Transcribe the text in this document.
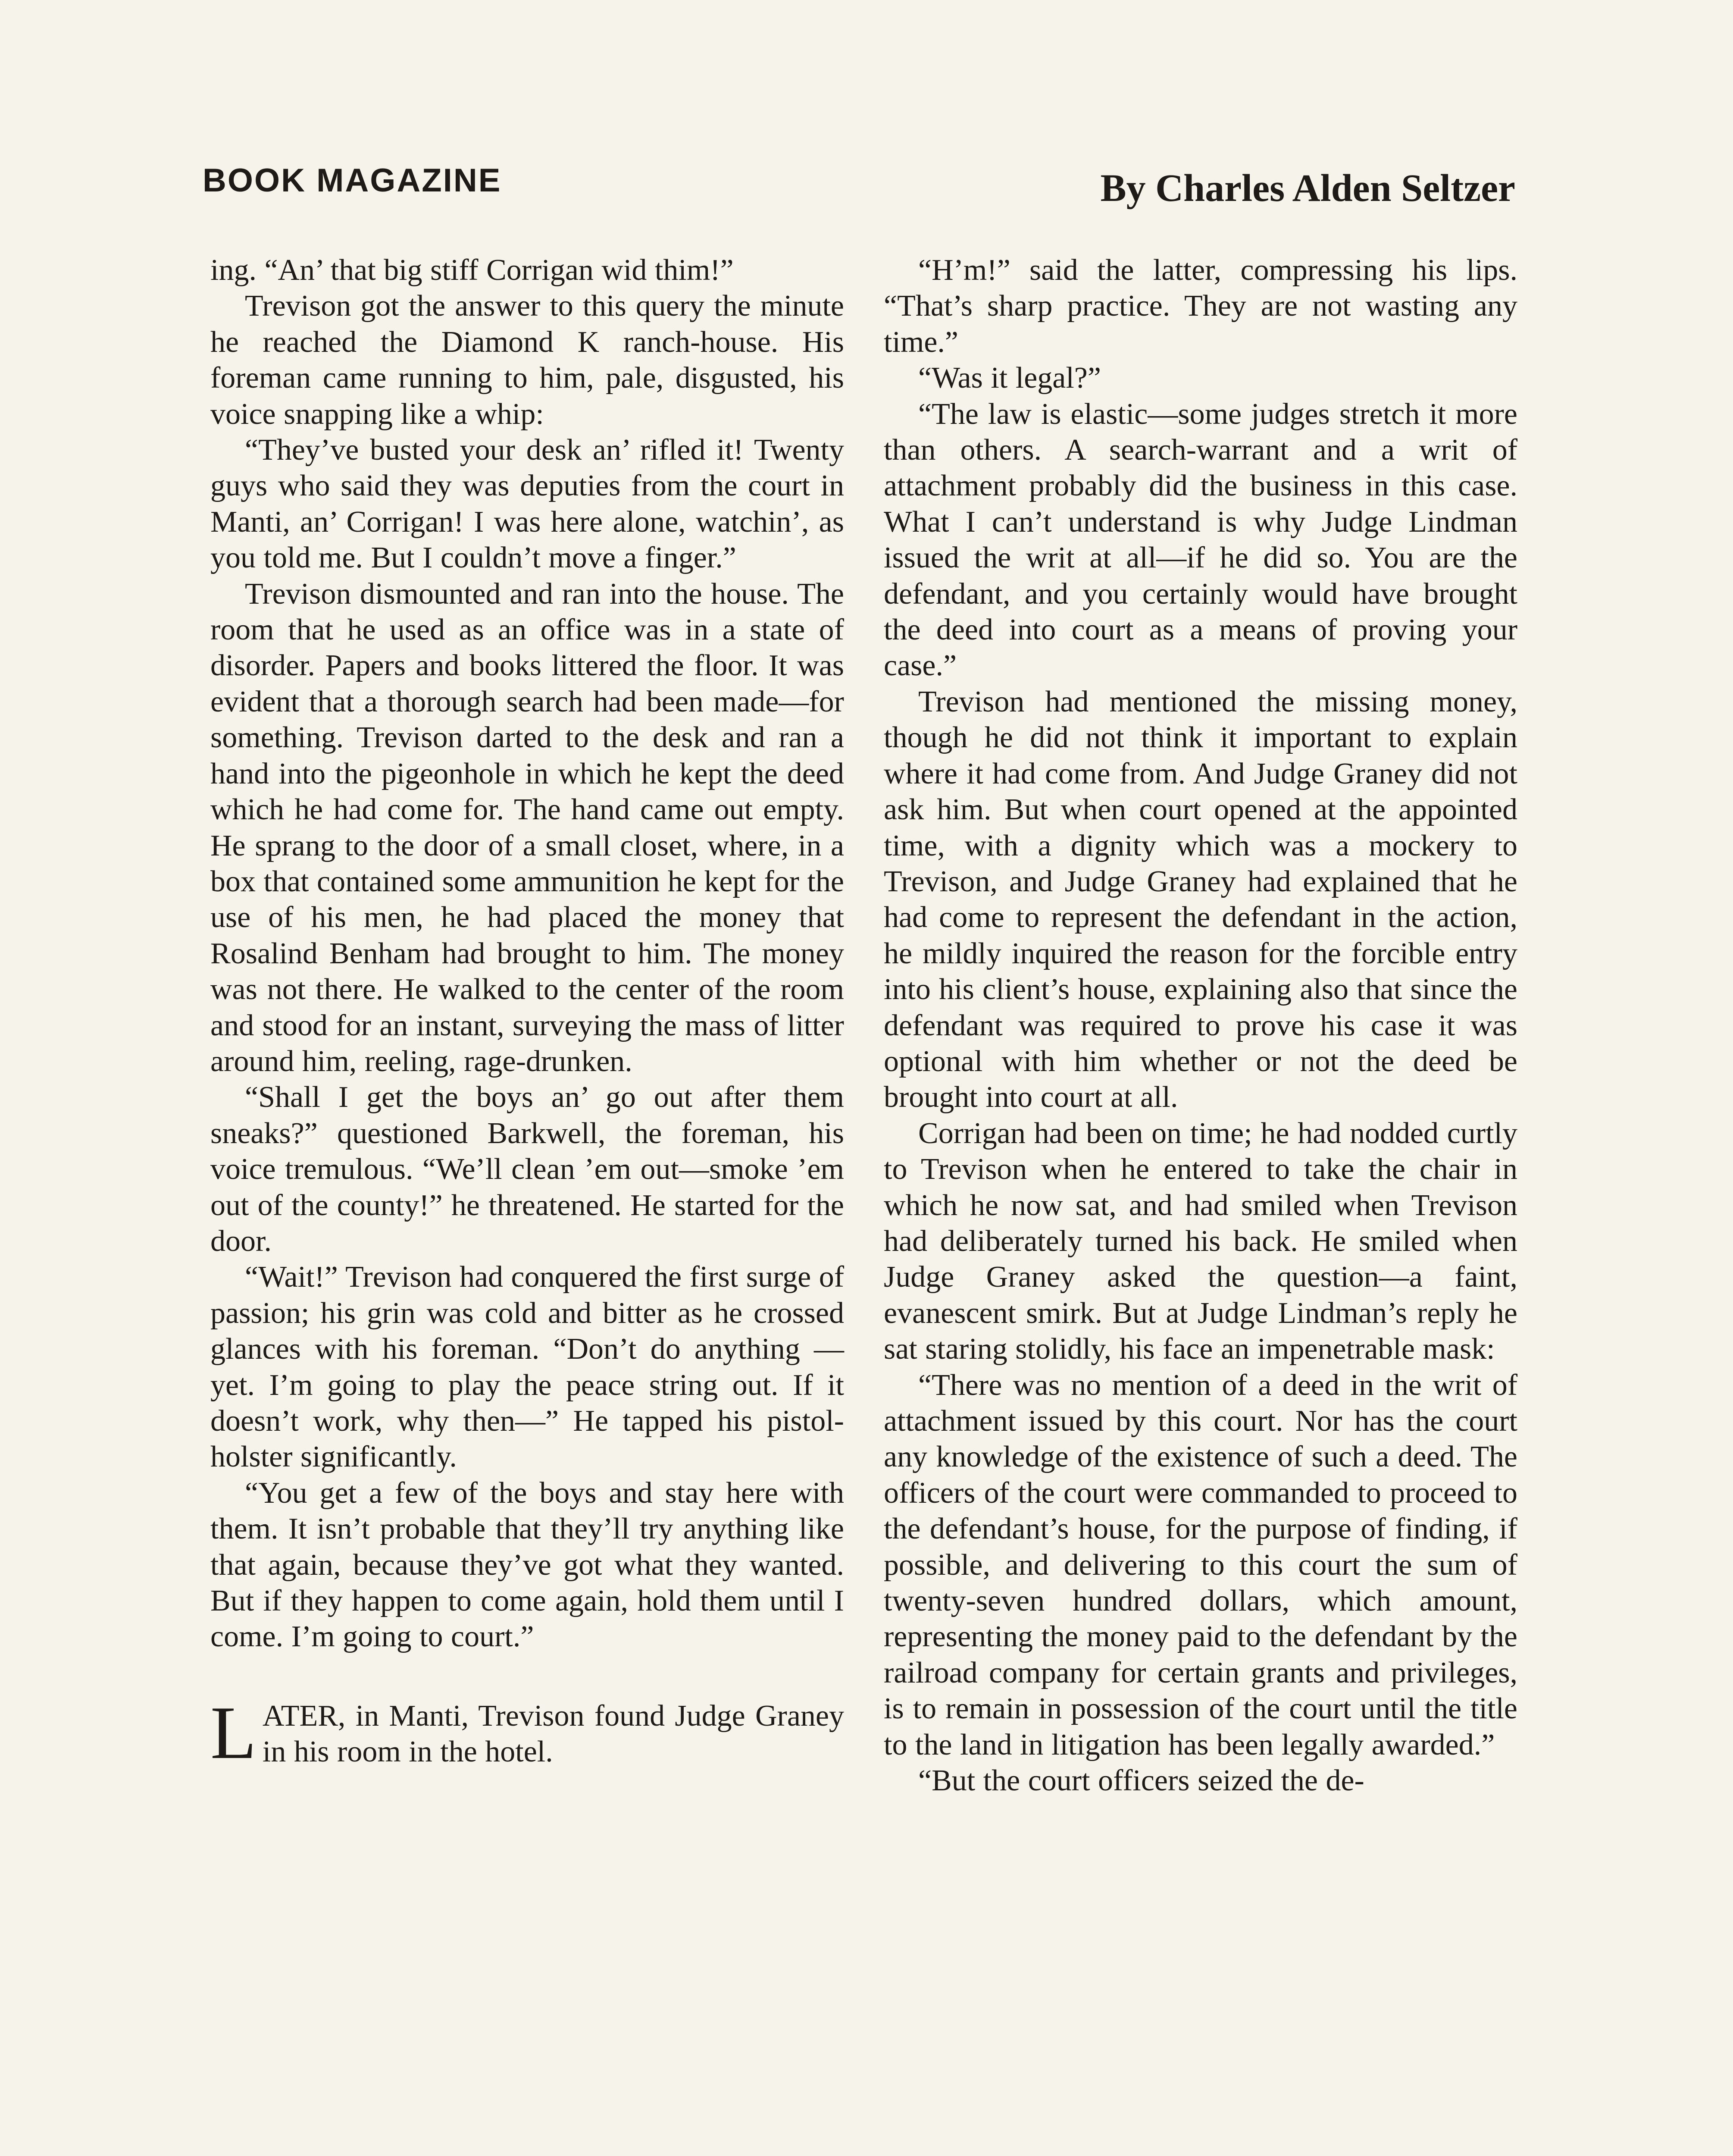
BOOK MAGAZINE	By Charles Alden Seltzer

ing. “An’ that big stiff Corrigan wid thim!”

Trevison got the answer to this query the minute he reached the Diamond K ranch-house. His foreman came running to him, pale, disgusted, his voice snapping like a whip:

“They’ve busted your desk an’ rifled it! Twenty guys who said they was deputies from the court in Manti, an’ Corrigan! I was here alone, watchin’, as you told me. But I couldn’t move a finger.”

Trevison dismounted and ran into the house. The room that he used as an office was in a state of disorder. Papers and books littered the floor. It was evident that a thorough search had been made—for something. Trevison darted to the desk and ran a hand into the pigeonhole in which he kept the deed which he had come for. The hand came out empty. He sprang to the door of a small closet, where, in a box that contained some ammunition he kept for the use of his men, he had placed the money that Rosalind Benham had brought to him. The money was not there. He walked to the center of the room and stood for an instant, surveying the mass of litter around him, reeling, rage-drunken.

“Shall I get the boys an’ go out after them sneaks?” questioned Barkwell, the foreman, his voice tremulous. “We’ll clean ’em out—smoke ’em out of the county!” he threatened. He started for the door.

“Wait!” Trevison had conquered the first surge of passion; his grin was cold and bitter as he crossed glances with his foreman. “Don’t do anything —yet. I’m going to play the peace string out. If it doesn’t work, why then—” He tapped his pistol-holster significantly.

“You get a few of the boys and stay here with them. It isn’t probable that they’ll try anything like that again, because they’ve got what they wanted. But if they happen to come again, hold them until I come. I’m going to court.”

LATER, in Manti, Trevison found Judge Graney in his room in the hotel.

“H’m!” said the latter, compressing his lips. “That’s sharp practice. They are not wasting any time.”

“Was it legal?”

“The law is elastic—some judges stretch it more than others. A search-warrant and a writ of attachment probably did the business in this case. What I can’t understand is why Judge Lindman issued the writ at all—if he did so. You are the defendant, and you certainly would have brought the deed into court as a means of proving your case.”

Trevison had mentioned the missing money, though he did not think it important to explain where it had come from. And Judge Graney did not ask him. But when court opened at the appointed time, with a dignity which was a mockery to Trevison, and Judge Graney had explained that he had come to represent the defendant in the action, he mildly inquired the reason for the forcible entry into his client’s house, explaining also that since the defendant was required to prove his case it was optional with him whether or not the deed be brought into court at all.

Corrigan had been on time; he had nodded curtly to Trevison when he entered to take the chair in which he now sat, and had smiled when Trevison had deliberately turned his back. He smiled when Judge Graney asked the question—a faint, evanescent smirk. But at Judge Lindman’s reply he sat staring stolidly, his face an impenetrable mask:

“There was no mention of a deed in the writ of attachment issued by this court. Nor has the court any knowledge of the existence of such a deed. The officers of the court were commanded to proceed to the defendant’s house, for the purpose of finding, if possible, and delivering to this court the sum of twenty-seven hundred dollars, which amount, representing the money paid to the defendant by the railroad company for certain grants and privileges, is to remain in possession of the court until the title to the land in litigation has been legally awarded.”

“But the court officers seized the de-
